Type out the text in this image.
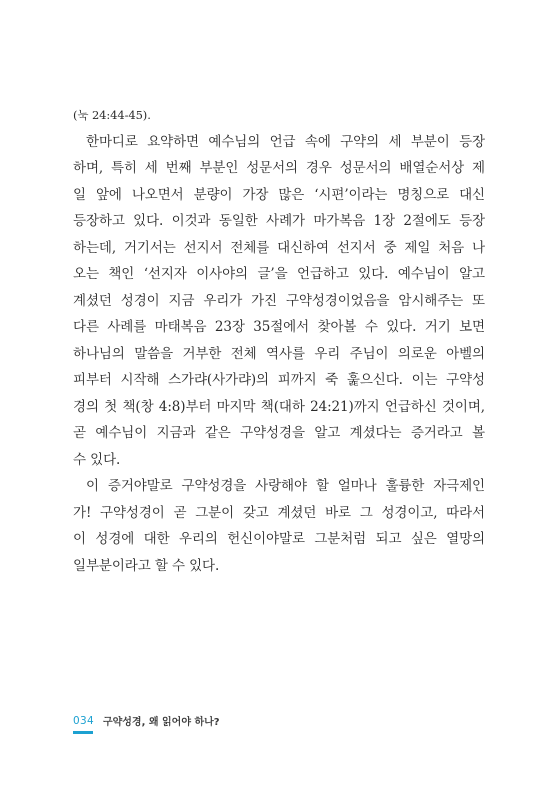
(눅 24:44-45).
한마디로 요약하면 예수님의 언급 속에 구약의 세 부분이 등장
하며, 특히 세 번째 부분인 성문서의 경우 성문서의 배열순서상 제
일 앞에 나오면서 분량이 가장 많은 ‘시편’이라는 명칭으로 대신
등장하고 있다. 이것과 동일한 사례가 마가복음 1장 2절에도 등장
하는데, 거기서는 선지서 전체를 대신하여 선지서 중 제일 처음 나
오는 책인 ‘선지자 이사야의 글’을 언급하고 있다. 예수님이 알고
계셨던 성경이 지금 우리가 가진 구약성경이었음을 암시해주는 또
다른 사례를 마태복음 23장 35절에서 찾아볼 수 있다. 거기 보면
하나님의 말씀을 거부한 전체 역사를 우리 주님이 의로운 아벨의
피부터 시작해 스가랴(사가랴)의 피까지 죽 훑으신다. 이는 구약성
경의 첫 책(창 4:8)부터 마지막 책(대하 24:21)까지 언급하신 것이며,
곧 예수님이 지금과 같은 구약성경을 알고 계셨다는 증거라고 볼
수 있다.
이 증거야말로 구약성경을 사랑해야 할 얼마나 훌륭한 자극제인
가! 구약성경이 곧 그분이 갖고 계셨던 바로 그 성경이고, 따라서
이 성경에 대한 우리의 헌신이야말로 그분처럼 되고 싶은 열망의
일부분이라고 할 수 있다.
034 구약성경, 왜 읽어야 하나?
